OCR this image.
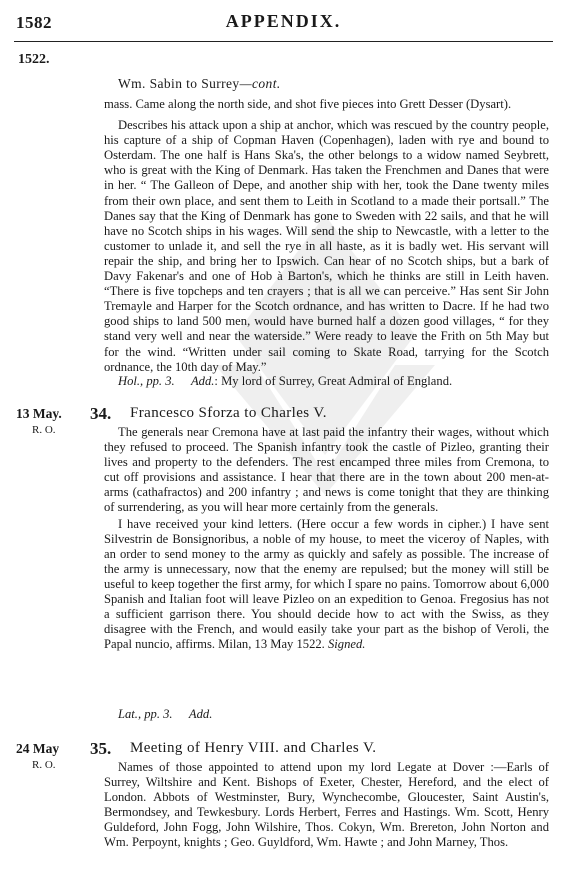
1582	APPENDIX.
1522.
Wm. Sabin to Surrey—cont.

mass. Came along the north side, and shot five pieces into Grett Desser (Dysart).

Describes his attack upon a ship at anchor, which was rescued by the country people, his capture of a ship of Copman Haven (Copenhagen), laden with rye and bound to Osterdam. The one half is Hans Ska's, the other belongs to a widow named Seybrett, who is great with the King of Denmark. Has taken the Frenchmen and Danes that were in her. “ The Galleon of Depe, and another ship with her, took the Dane twenty miles from their own place, and sent them to Leith in Scotland to a made their portsall.” The Danes say that the King of Denmark has gone to Sweden with 22 sails, and that he will have no Scotch ships in his wages. Will send the ship to Newcastle, with a letter to the customer to unlade it, and sell the rye in all haste, as it is badly wet. His servant will repair the ship, and bring her to Ipswich. Can hear of no Scotch ships, but a bark of Davy Fakenar's and one of Hob à Barton's, which he thinks are still in Leith haven. “There is five topcheps and ten crayers ; that is all we can perceive.” Has sent Sir John Tremayle and Harper for the Scotch ordnance, and has written to Dacre. If he had two good ships to land 500 men, would have burned half a dozen good villages, “ for they stand very well and near the waterside.” Were ready to leave the Frith on 5th May but for the wind. “Written under sail coming to Skate Road, tarrying for the Scotch ordnance, the 10th day of May.”

Hol., pp. 3. Add.: My lord of Surrey, Great Admiral of England.
13 May.
R. O.
34. Francesco Sforza to Charles V.

The generals near Cremona have at last paid the infantry their wages, without which they refused to proceed. The Spanish infantry took the castle of Pizleo, granting their lives and property to the defenders. The rest encamped three miles from Cremona, to cut off provisions and assistance. I hear that there are in the town about 200 men-at-arms (cathafractos) and 200 infantry ; and news is come tonight that they are thinking of surrendering, as you will hear more certainly from the generals.

I have received your kind letters. (Here occur a few words in cipher.) I have sent Silvestrin de Bonsignoribus, a noble of my house, to meet the viceroy of Naples, with an order to send money to the army as quickly and safely as possible. The increase of the army is unnecessary, now that the enemy are repulsed; but the money will still be useful to keep together the first army, for which I spare no pains. Tomorrow about 6,000 Spanish and Italian foot will leave Pizleo on an expedition to Genoa. Fregosius has not a sufficient garrison there. You should decide how to act with the Swiss, as they disagree with the French, and would easily take your part as the bishop of Veroli, the Papal nuncio, affirms. Milan, 13 May 1522. Signed.

Lat., pp. 3. Add.
24 May
R. O.
35. Meeting of Henry VIII. and Charles V.

Names of those appointed to attend upon my lord Legate at Dover :—Earls of Surrey, Wiltshire and Kent. Bishops of Exeter, Chester, Hereford, and the elect of London. Abbots of Westminster, Bury, Wynchecombe, Gloucester, Saint Austin's, Bermondsey, and Tewkesbury. Lords Herbert, Ferres and Hastings. Wm. Scott, Henry Guldeford, John Fogg, John Wilshire, Thos. Cokyn, Wm. Brereton, John Norton and Wm. Perpoynt, knights ; Geo. Guyldford, Wm. Hawte ; and John Marney, Thos.
